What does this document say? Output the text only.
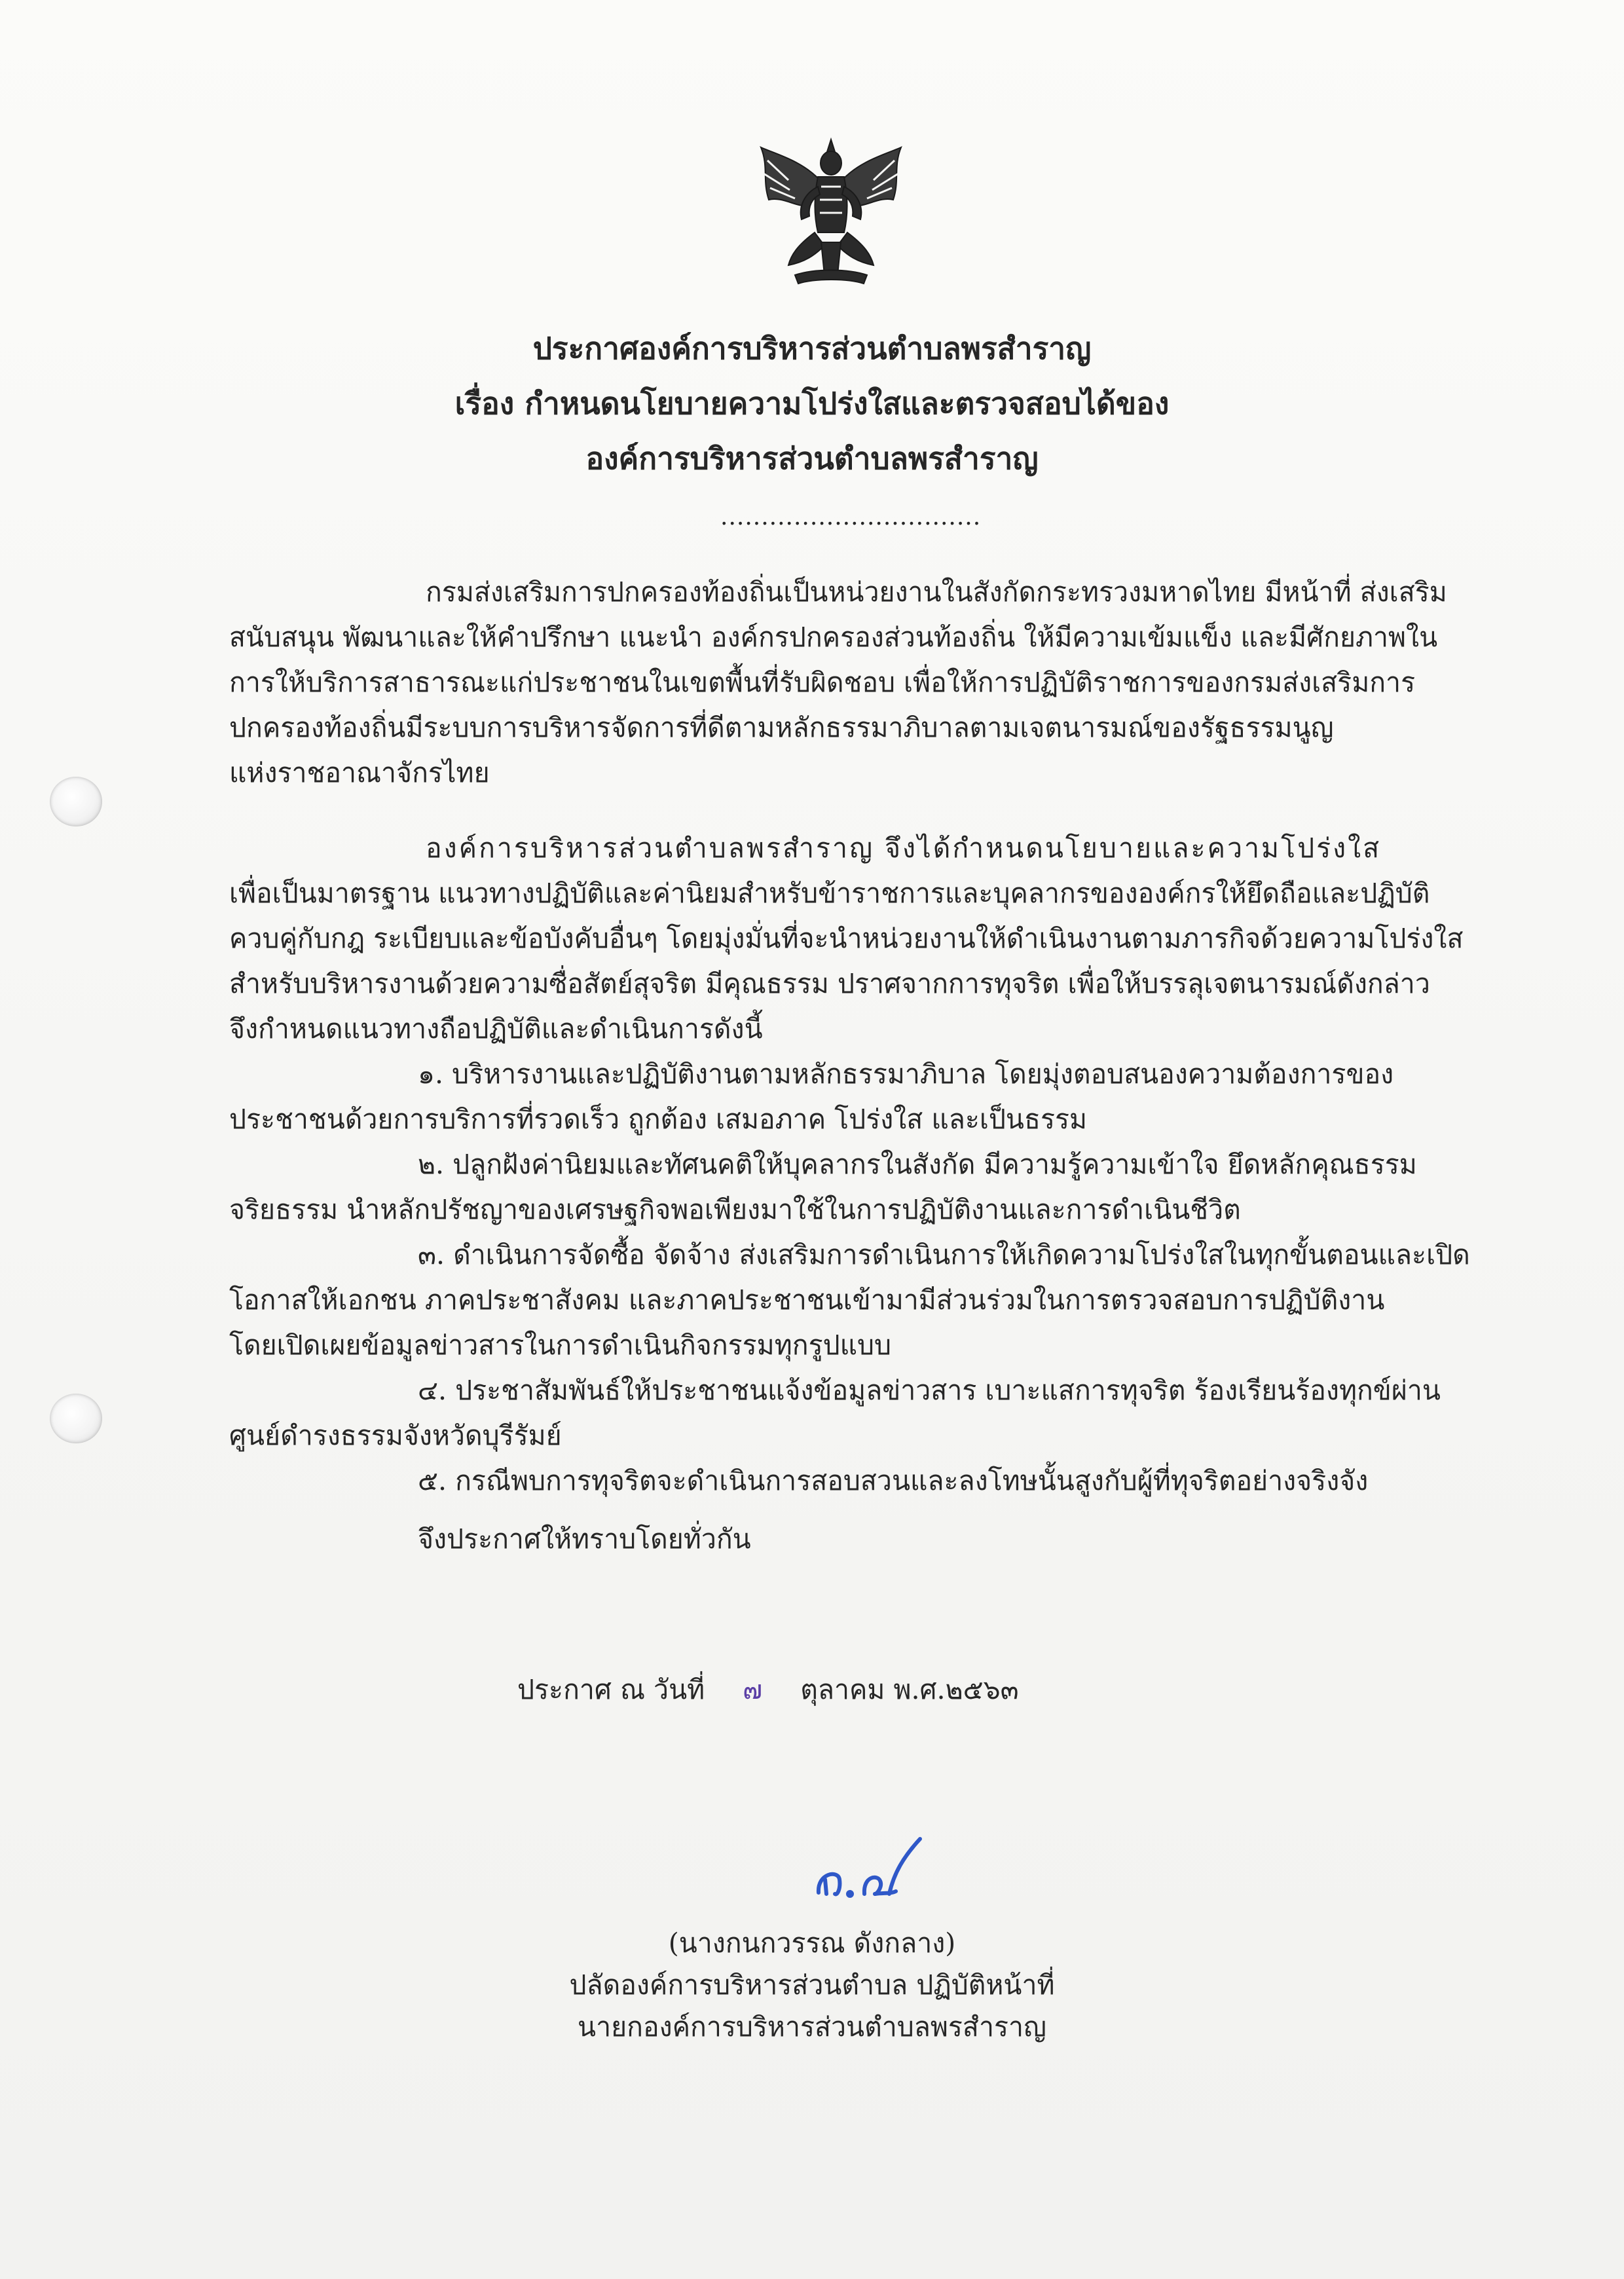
ประกาศองค์การบริหารส่วนตำบลพรสำราญ
เรื่อง กำหนดนโยบายความโปร่งใสและตรวจสอบได้ของ
องค์การบริหารส่วนตำบลพรสำราญ
................................
กรมส่งเสริมการปกครองท้องถิ่นเป็นหน่วยงานในสังกัดกระทรวงมหาดไทย มีหน้าที่ ส่งเสริม
สนับสนุน พัฒนาและให้คำปรึกษา แนะนำ องค์กรปกครองส่วนท้องถิ่น ให้มีความเข้มแข็ง และมีศักยภาพใน
การให้บริการสาธารณะแก่ประชาชนในเขตพื้นที่รับผิดชอบ เพื่อให้การปฏิบัติราชการของกรมส่งเสริมการ
ปกครองท้องถิ่นมีระบบการบริหารจัดการที่ดีตามหลักธรรมาภิบาลตามเจตนารมณ์ของรัฐธรรมนูญ
แห่งราชอาณาจักรไทย
องค์การบริหารส่วนตำบลพรสำราญ จึงได้กำหนดนโยบายและความโปร่งใส
เพื่อเป็นมาตรฐาน แนวทางปฏิบัติและค่านิยมสำหรับข้าราชการและบุคลากรขององค์กรให้ยึดถือและปฏิบัติ
ควบคู่กับกฎ ระเบียบและข้อบังคับอื่นๆ โดยมุ่งมั่นที่จะนำหน่วยงานให้ดำเนินงานตามภารกิจด้วยความโปร่งใส
สำหรับบริหารงานด้วยความซื่อสัตย์สุจริต มีคุณธรรม ปราศจากการทุจริต เพื่อให้บรรลุเจตนารมณ์ดังกล่าว
จึงกำหนดแนวทางถือปฏิบัติและดำเนินการดังนี้
๑. บริหารงานและปฏิบัติงานตามหลักธรรมาภิบาล โดยมุ่งตอบสนองความต้องการของ
ประชาชนด้วยการบริการที่รวดเร็ว ถูกต้อง เสมอภาค โปร่งใส และเป็นธรรม
๒. ปลูกฝังค่านิยมและทัศนคติให้บุคลากรในสังกัด มีความรู้ความเข้าใจ ยึดหลักคุณธรรม
จริยธรรม นำหลักปรัชญาของเศรษฐกิจพอเพียงมาใช้ในการปฏิบัติงานและการดำเนินชีวิต
๓. ดำเนินการจัดซื้อ จัดจ้าง ส่งเสริมการดำเนินการให้เกิดความโปร่งใสในทุกขั้นตอนและเปิด
โอกาสให้เอกชน ภาคประชาสังคม และภาคประชาชนเข้ามามีส่วนร่วมในการตรวจสอบการปฏิบัติงาน
โดยเปิดเผยข้อมูลข่าวสารในการดำเนินกิจกรรมทุกรูปแบบ
๔. ประชาสัมพันธ์ให้ประชาชนแจ้งข้อมูลข่าวสาร เบาะแสการทุจริต ร้องเรียนร้องทุกข์ผ่าน
ศูนย์ดำรงธรรมจังหวัดบุรีรัมย์
๕. กรณีพบการทุจริตจะดำเนินการสอบสวนและลงโทษนั้นสูงกับผู้ที่ทุจริตอย่างจริงจัง
จึงประกาศให้ทราบโดยทั่วกัน
ประกาศ ณ วันที่ ๗ ตุลาคม พ.ศ.๒๕๖๓
(นางกนกวรรณ ดังกลาง)
ปลัดองค์การบริหารส่วนตำบล ปฏิบัติหน้าที่
นายกองค์การบริหารส่วนตำบลพรสำราญ
